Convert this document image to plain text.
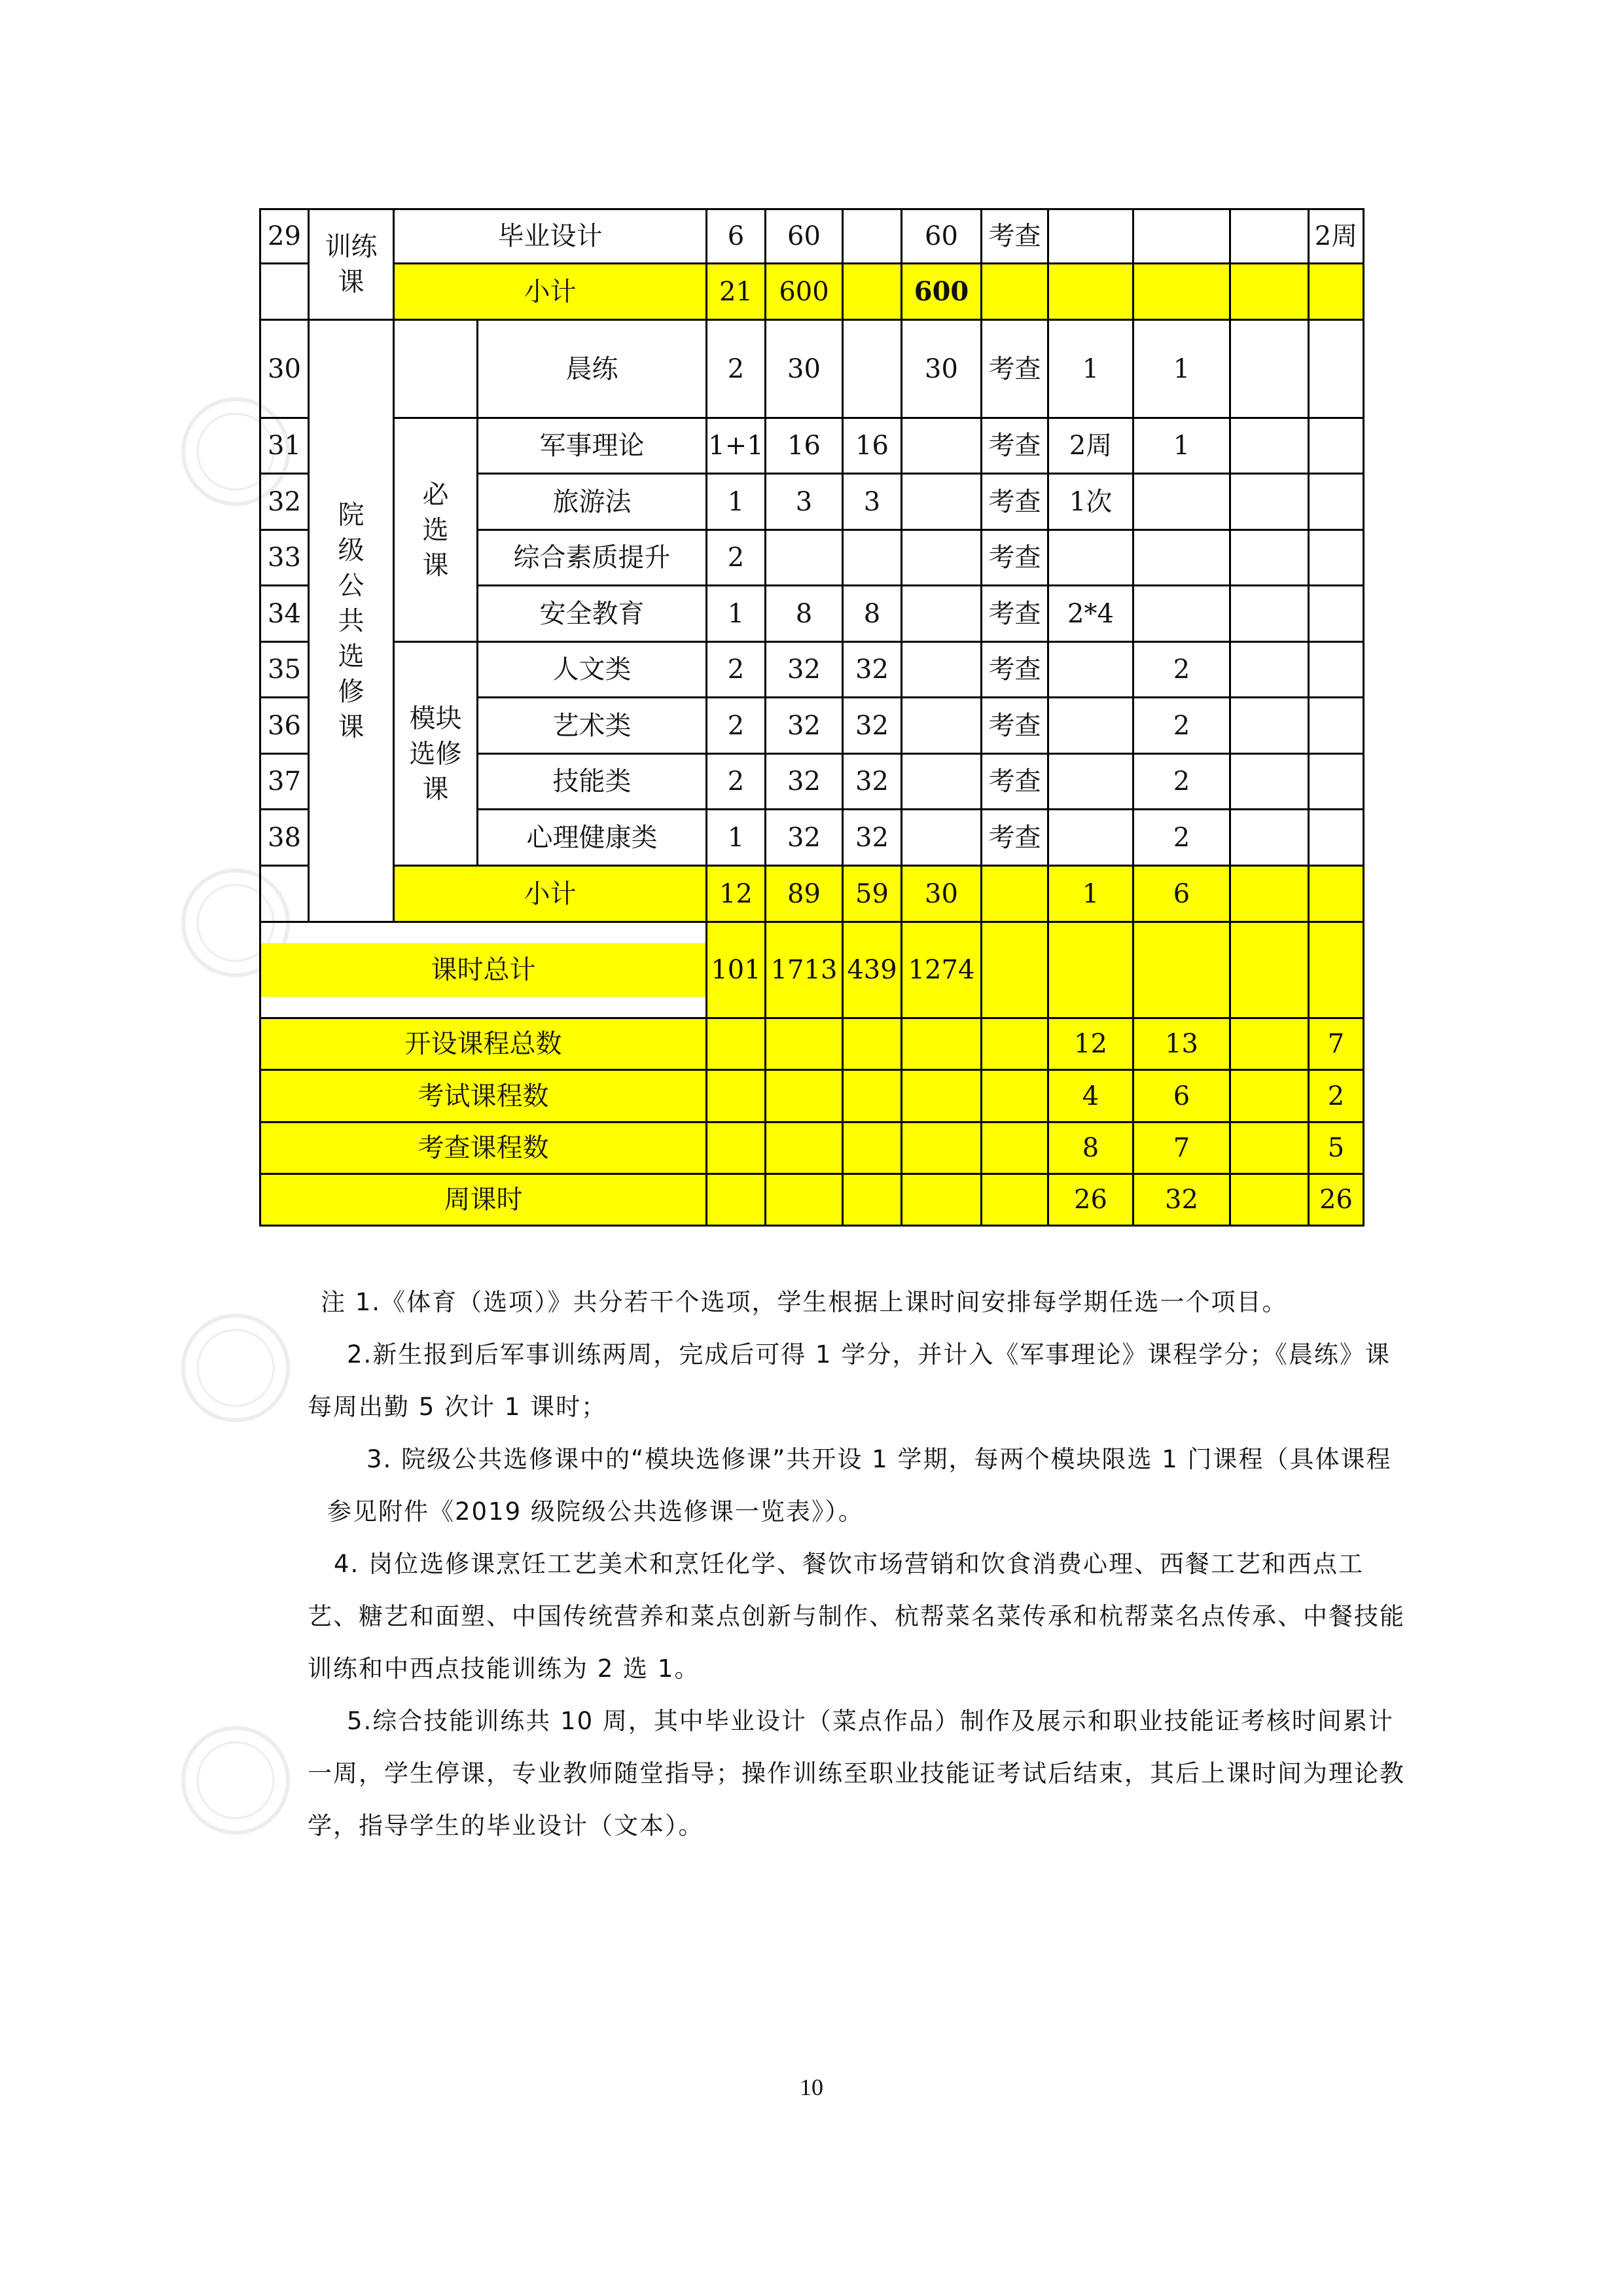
29	训练课	毕业设计		6	60		60	考查				2周
		小计		21	600		600					
30	院级公共选修课		晨练	2	30		30	考查	1	1		
31		必选课	军事理论	1+1	16	16		考查	2周	1		
32			旅游法	1	3	3		考查	1次			
33			综合素质提升	2				考查				
34			安全教育	1	8	8		考查	2*4			
35		模块选修课	人文类	2	32	32		考查		2		
36			艺术类	2	32	32		考查		2		
37			技能类	2	32	32		考查		2		
38			心理健康类	1	32	32		考查		2		
		小计		12	89	59	30		1	6		

课时总计				101	1713	439	1274					
开设课程总数									12	13		7
考试课程数									4	6		2
考查课程数									8	7		5
周课时									26	32		26

注 1.《体育（选项）》共分若干个选项，学生根据上课时间安排每学期任选一个项目。

2.新生报到后军事训练两周，完成后可得 1 学分，并计入《军事理论》课程学分；《晨练》课每周出勤 5 次计 1 课时；

3. 院级公共选修课中的“模块选修课”共开设 1 学期，每两个模块限选 1 门课程（具体课程参见附件《2019 级院级公共选修课一览表》）。

4. 岗位选修课烹饪工艺美术和烹饪化学、餐饮市场营销和饮食消费心理、西餐工艺和西点工艺、糖艺和面塑、中国传统营养和菜点创新与制作、杭帮菜名菜传承和杭帮菜名点传承、中餐技能训练和中西点技能训练为 2 选 1。

5.综合技能训练共 10 周，其中毕业设计（菜点作品）制作及展示和职业技能证考核时间累计一周，学生停课，专业教师随堂指导；操作训练至职业技能证考试后结束，其后上课时间为理论教学，指导学生的毕业设计（文本）。

10
